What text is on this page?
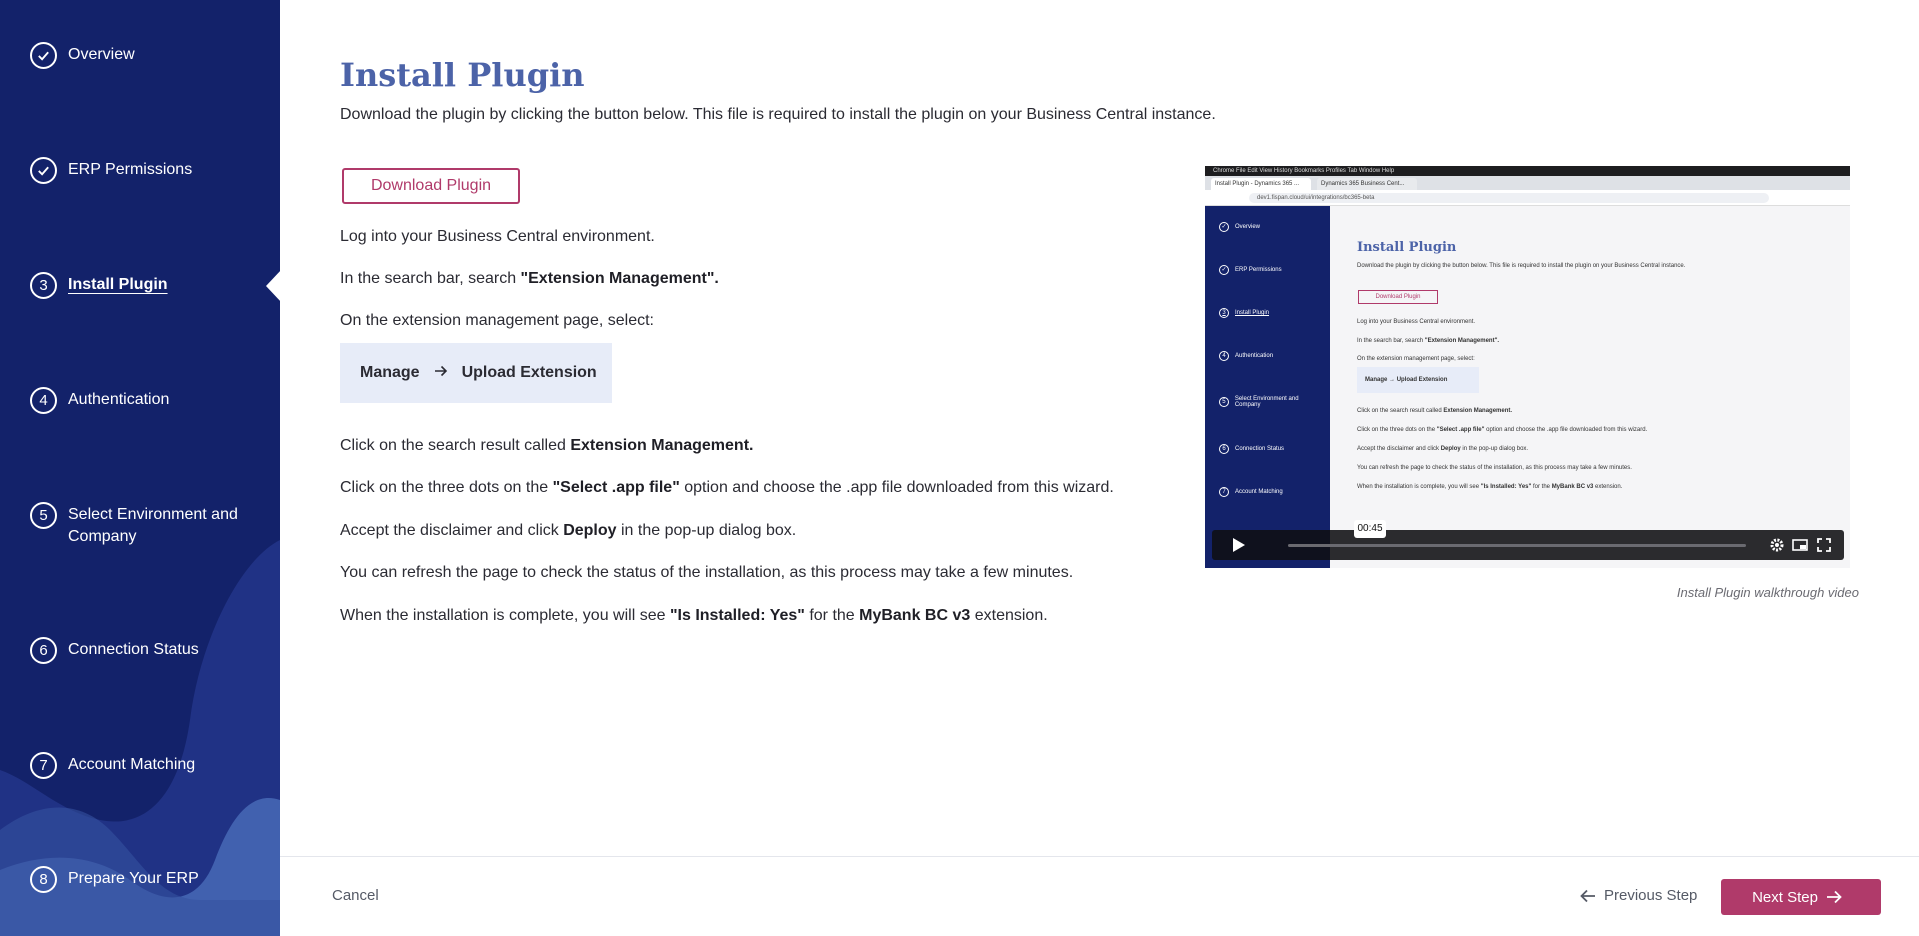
Overview
ERP Permissions
3	Install Plugin
4	Authentication
5	Select Environment and Company
6	Connection Status
7	Account Matching
8	Prepare Your ERP
Install Plugin

Download the plugin by clicking the button below. This file is required to install the plugin on your Business Central instance.

Download Plugin

Log into your Business Central environment.

In the search bar, search "Extension Management".

On the extension management page, select:

Manage	Upload Extension

Click on the search result called Extension Management.

Click on the three dots on the "Select .app file" option and choose the .app file downloaded from this wizard.

Accept the disclaimer and click Deploy in the pop-up dialog box.

You can refresh the page to check the status of the installation, as this process may take a few minutes.

When the installation is complete, you will see "Is Installed: Yes" for the MyBank BC v3 extension.

Chrome File Edit View History Bookmarks Profiles Tab Window Help
Install Plugin - Dynamics 365 ...	Dynamics 365 Business Cent...
dev1.fispan.cloud/ui/integrations/bc365-beta
✓	Overview
✓	ERP Permissions
3	Install Plugin
4	Authentication
5	Select Environment and Company
6	Connection Status
7	Account Matching
Install Plugin
Download the plugin by clicking the button below. This file is required to install the plugin on your Business Central instance.
Download Plugin
Log into your Business Central environment.
In the search bar, search "Extension Management".
On the extension management page, select:
Manage → Upload Extension
Click on the search result called Extension Management.
Click on the three dots on the "Select .app file" option and choose the .app file downloaded from this wizard.
Accept the disclaimer and click Deploy in the pop-up dialog box.
You can refresh the page to check the status of the installation, as this process may take a few minutes.
When the installation is complete, you will see "Is Installed: Yes" for the MyBank BC v3 extension.
00:45
Install Plugin walkthrough video
Cancel	Previous Step	Next Step
